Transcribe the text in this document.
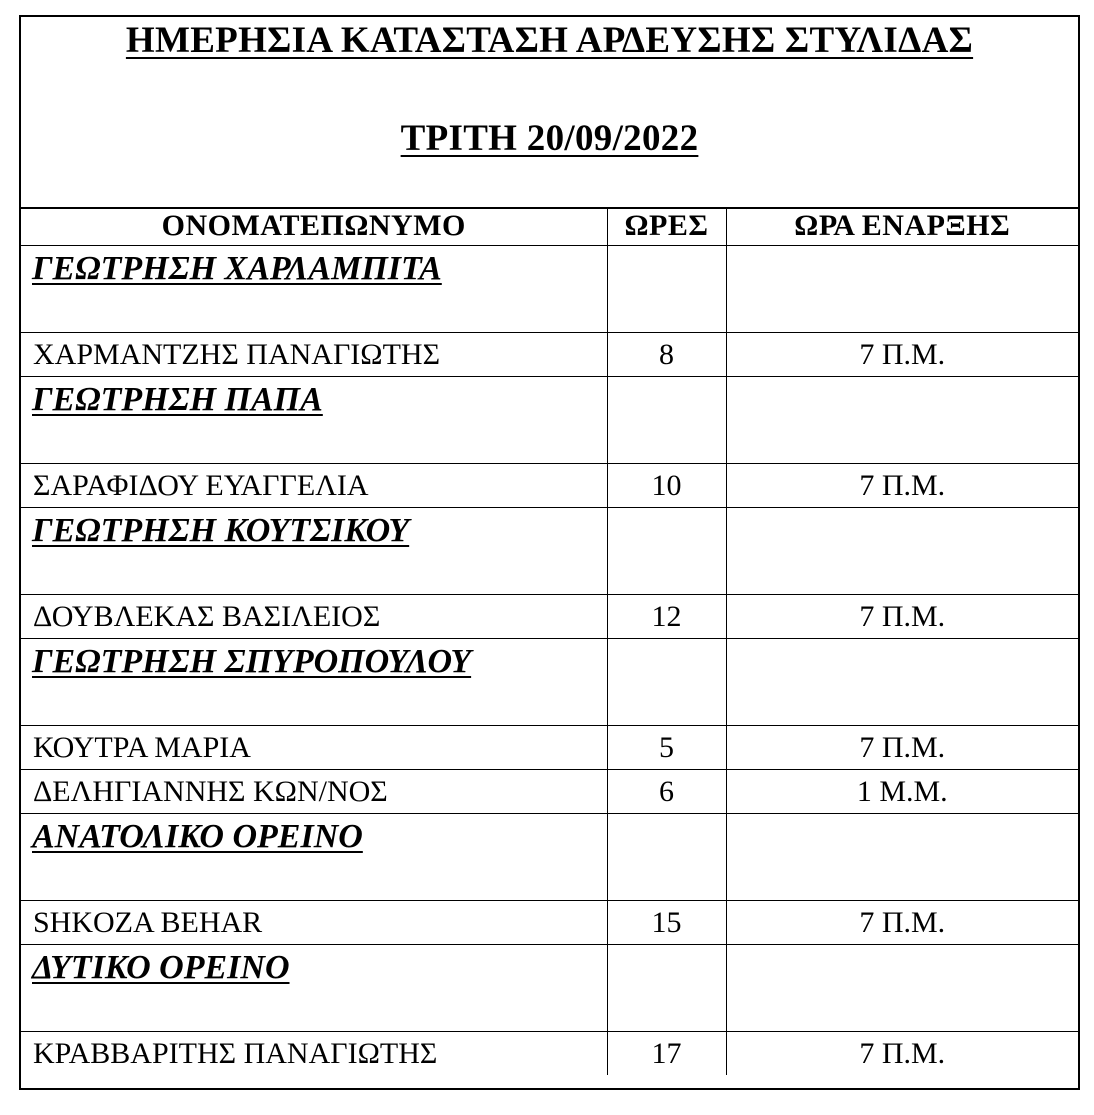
ΗΜΕΡΗΣΙΑ ΚΑΤΑΣΤΑΣΗ ΑΡΔΕΥΣΗΣ ΣΤΥΛΙΔΑΣ
ΤΡΙΤΗ 20/09/2022
ΟΝΟΜΑΤΕΠΩΝΥΜΟ	ΩΡΕΣ	ΩΡΑ ΕΝΑΡΞΗΣ

ΓΕΩΤΡΗΣΗ ΧΑΡΛΑΜΠΙΤΑ		

ΧΑΡΜΑΝΤΖΗΣ ΠΑΝΑΓΙΩΤΗΣ	8	7 Π.Μ.

ΓΕΩΤΡΗΣΗ ΠΑΠΑ		

ΣΑΡΑΦΙΔΟΥ ΕΥΑΓΓΕΛΙΑ	10	7 Π.Μ.

ΓΕΩΤΡΗΣΗ ΚΟΥΤΣΙΚΟΥ		

ΔΟΥΒΛΕΚΑΣ ΒΑΣΙΛΕΙΟΣ	12	7 Π.Μ.

ΓΕΩΤΡΗΣΗ ΣΠΥΡΟΠΟΥΛΟΥ		

ΚΟΥΤΡΑ ΜΑΡΙΑ	5	7 Π.Μ.
ΔΕΛΗΓΙΑΝΝΗΣ ΚΩΝ/ΝΟΣ	6	1 Μ.Μ.

ΑΝΑΤΟΛΙΚΟ ΟΡΕΙΝΟ		

SHKOZA BEHAR	15	7 Π.Μ.

ΔΥΤΙΚΟ ΟΡΕΙΝΟ		

ΚΡΑΒΒΑΡΙΤΗΣ ΠΑΝΑΓΙΩΤΗΣ	17	7 Π.Μ.
